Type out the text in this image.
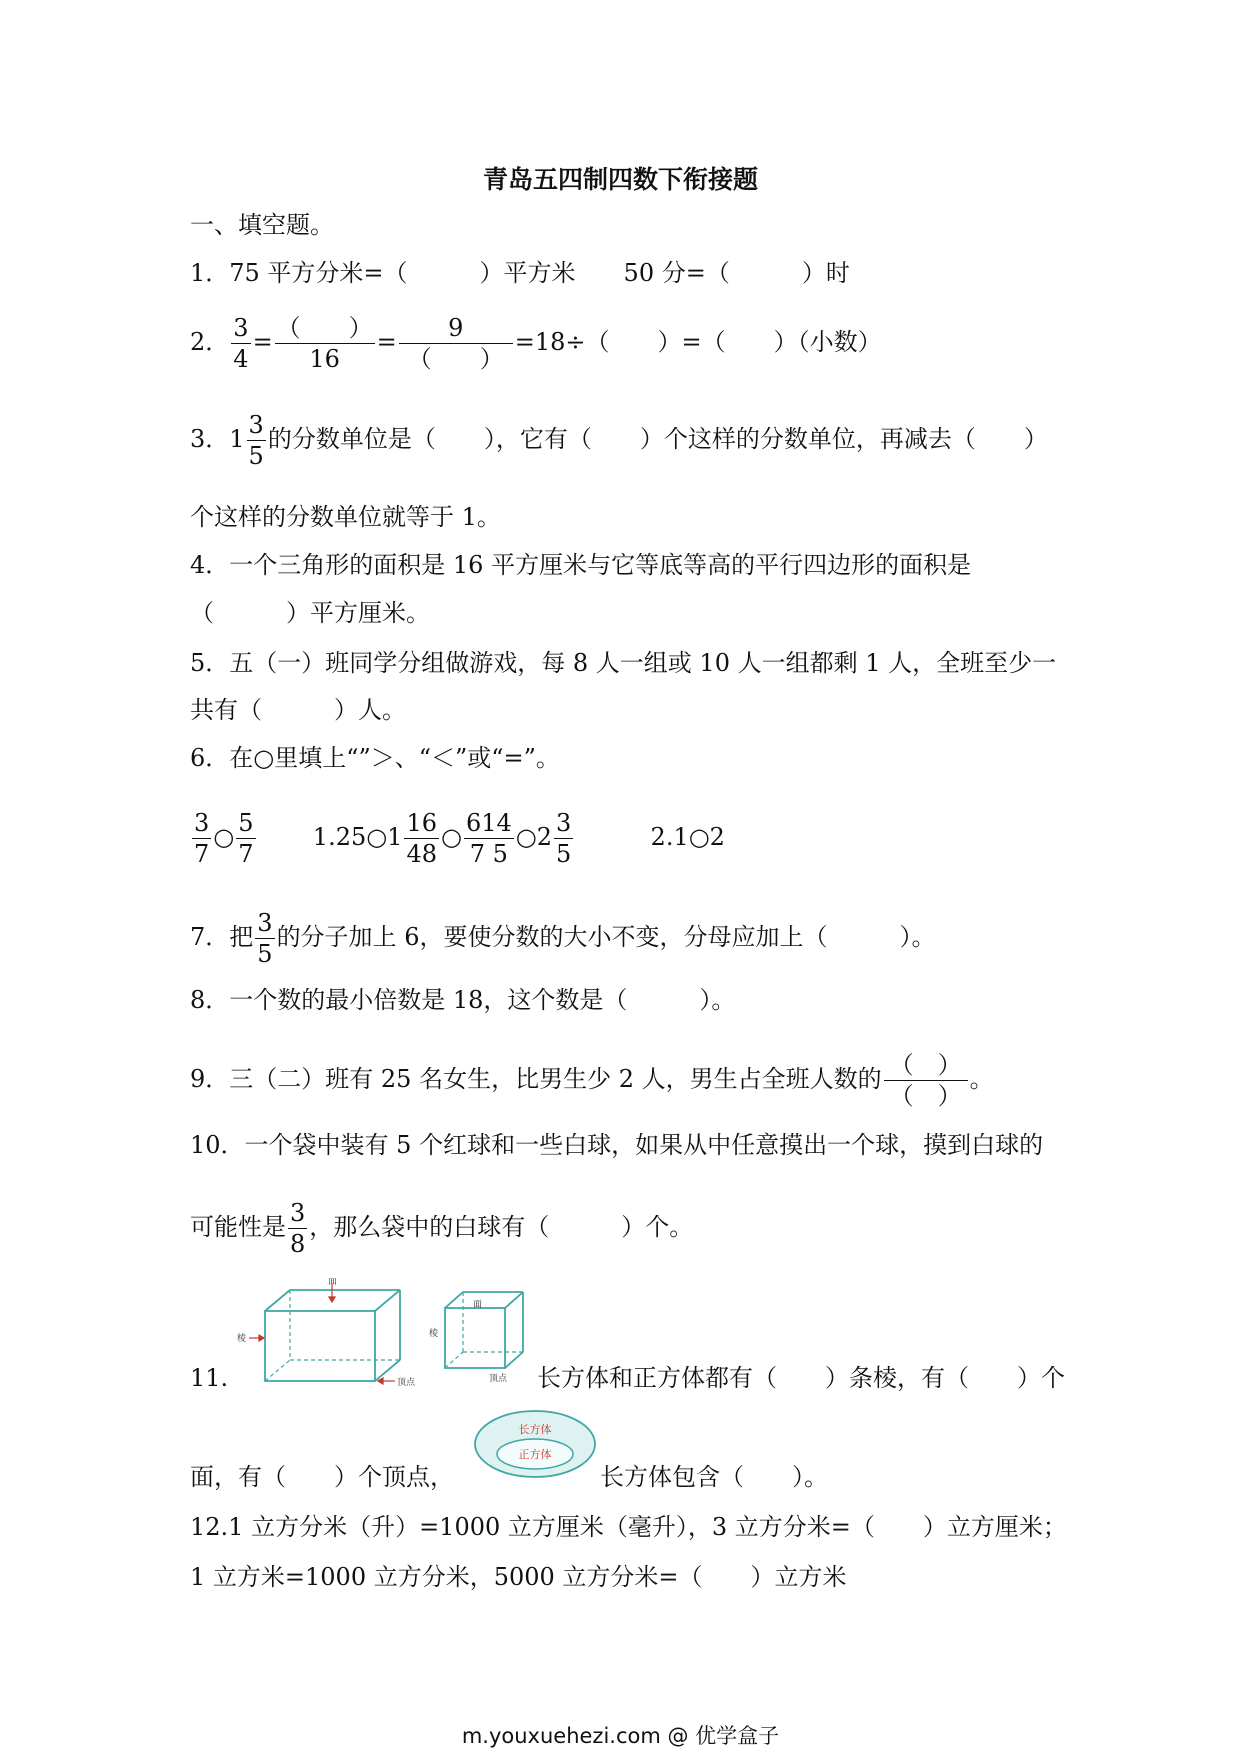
青岛五四制四数下衔接题
一、填空题。
1．75 平方分米=（　　　）平方米　　50 分=（　　　）时
2． $\frac{3}{4} = \frac{( )}{16} = \frac{9}{( )} =18\div$（　　）=（　　）（小数）
3．$1 \frac{3}{5}$ 的分数单位是（　　），它有（　　）个这样的分数单位，再减去（　　）
个这样的分数单位就等于 1。
4．一个三角形的面积是 16 平方厘米与它等底等高的平行四边形的面积是
（　　　）平方厘米。
5．五（一）班同学分组做游戏，每 8 人一组或 10 人一组都剩 1 人，全班至少一
共有（　　　）人。
6．在○里填上“”＞、“＜”或“=”。
$\frac{3}{7}$ ○ $\frac{5}{7}$ 1.25○1 $\frac{16}{48}$ ○ $\frac{614}{7 5}$ ○2 $\frac{3}{5}$	2.1○2
7．把 $\frac{3}{5}$ 的分子加上 6，要使分数的大小不变，分母应加上（　　　）。
8．一个数的最小倍数是 18，这个数是（　　　）。
9．三（二）班有 25 名女生，比男生少 2 人，男生占全班人数的 $\frac{( )}{( )}$ 。
10．一个袋中装有 5 个红球和一些白球，如果从中任意摸出一个球，摸到白球的
可能性是 $\frac{3}{8}$ ，那么袋中的白球有（　　　）个。
11.
面
棱
顶点
面
棱
顶点 长方体和正方体都有（　　）条棱，有（　　）个
面，有（　　）个顶点，
长方体
正方体
长方体包含（　　）。
12.1 立方分米（升）=1000 立方厘米（毫升），3 立方分米=（　　）立方厘米；
1 立方米=1000 立方分米，5000 立方分米=（　　）立方米
m.youxuehezi.com @ 优学盒子
